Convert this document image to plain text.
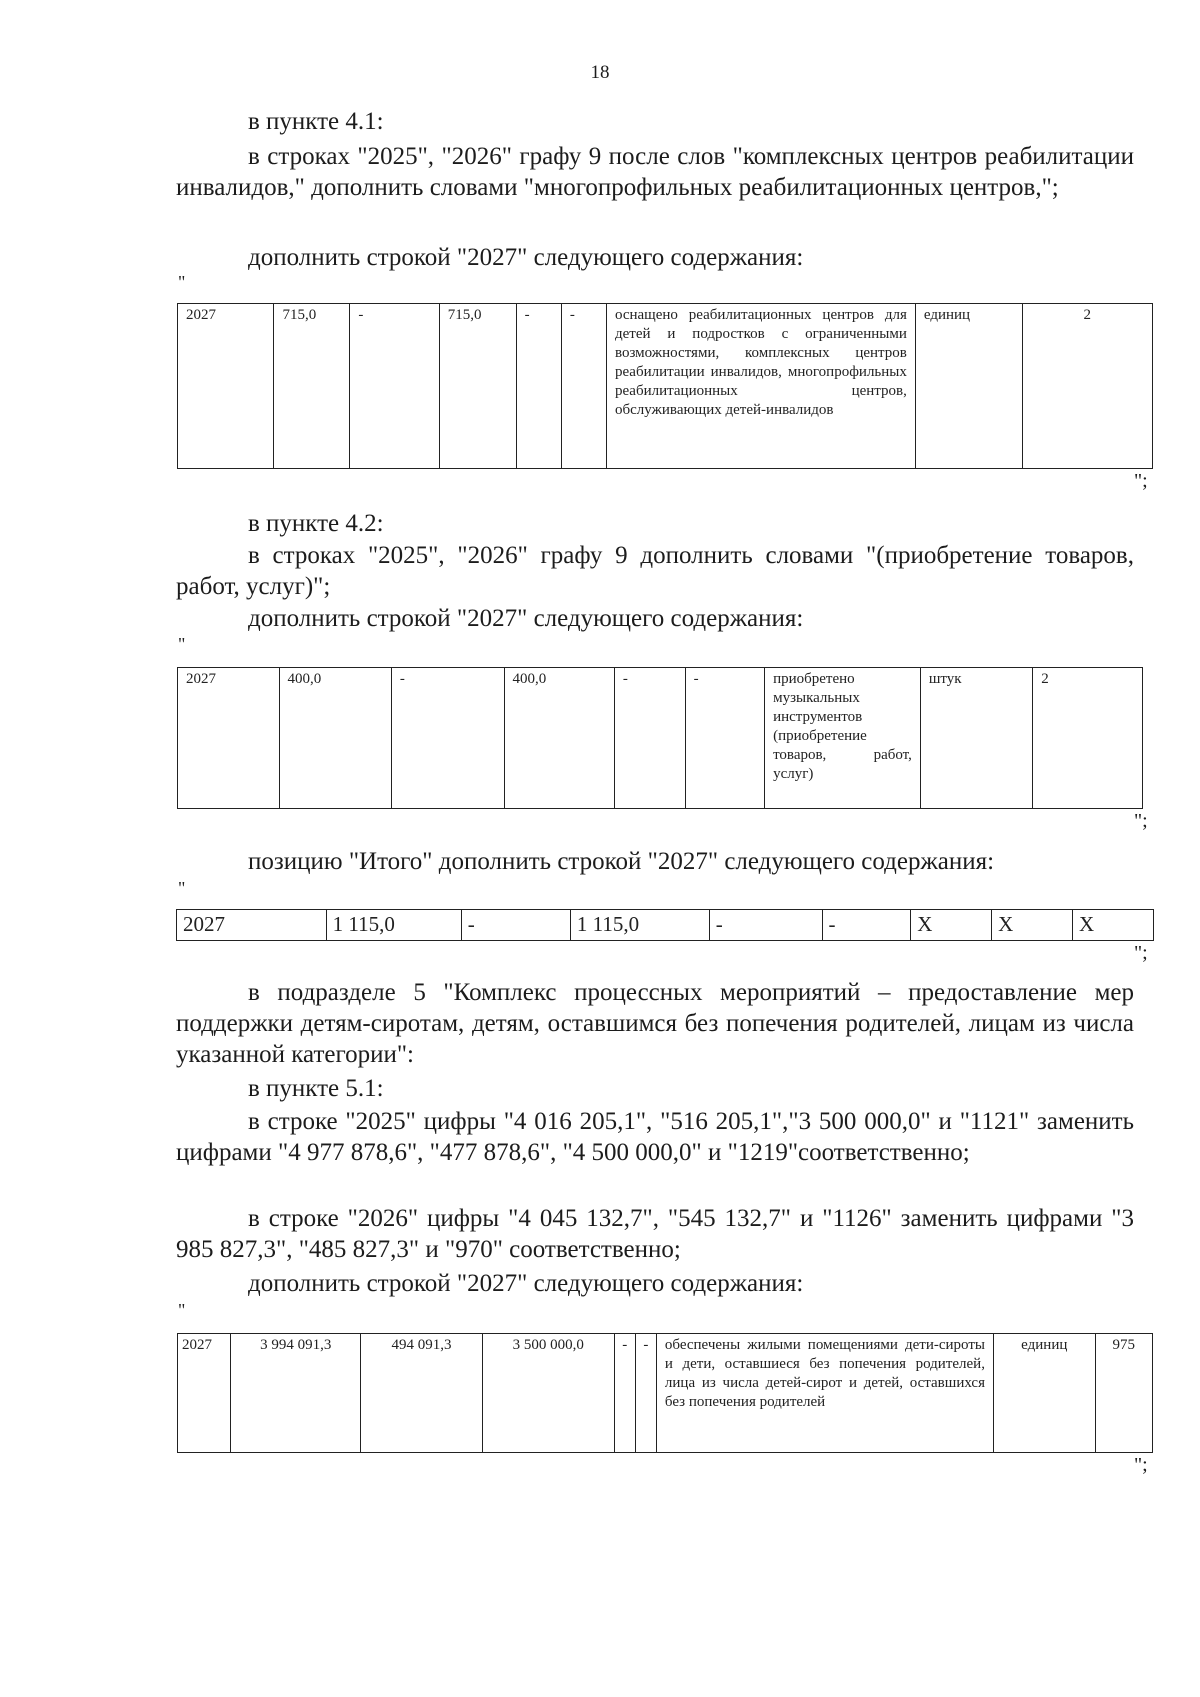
18
в пункте 4.1:
в строках "2025", "2026" графу 9 после слов "комплексных центров реабилитации инвалидов," дополнить словами "многопрофильных реабилитационных центров,";
дополнить строкой "2027" следующего содержания:
"
2027	715,0	-	715,0	-	-	оснащено реабилитационных центров для детей и подростков с ограниченными возможностями, комплексных центров реабилитации инвалидов, многопрофильных реабилитационных центров, обслуживающих детей-инвалидов	единиц	2
";
в пункте 4.2:
в строках "2025", "2026" графу 9 дополнить словами "(приобретение товаров, работ, услуг)";
дополнить строкой "2027" следующего содержания:
"
2027	400,0	-	400,0	-	-	приобретено музыкальных инструментов (приобретение товаров, работ, услуг)	штук	2
";
позицию "Итого" дополнить строкой "2027" следующего содержания:
"
2027	1 115,0	-	1 115,0	-	-	X	X	X
";
в подразделе 5 "Комплекс процессных мероприятий – предоставление мер поддержки детям-сиротам, детям, оставшимся без попечения родителей, лицам из числа указанной категории":
в пункте 5.1:
в строке "2025" цифры "4 016 205,1", "516 205,1","3 500 000,0" и "1121" заменить цифрами "4 977 878,6", "477 878,6", "4 500 000,0" и "1219"соответственно;
в строке "2026" цифры "4 045 132,7", "545 132,7" и "1126" заменить цифрами "3 985 827,3", "485 827,3" и "970" соответственно;
дополнить строкой "2027" следующего содержания:
"
2027	3 994 091,3	494 091,3	3 500 000,0	-	-	обеспечены жилыми помещениями дети-сироты и дети, оставшиеся без попечения родителей, лица из числа детей-сирот и детей, оставшихся без попечения родителей	единиц	975
";
